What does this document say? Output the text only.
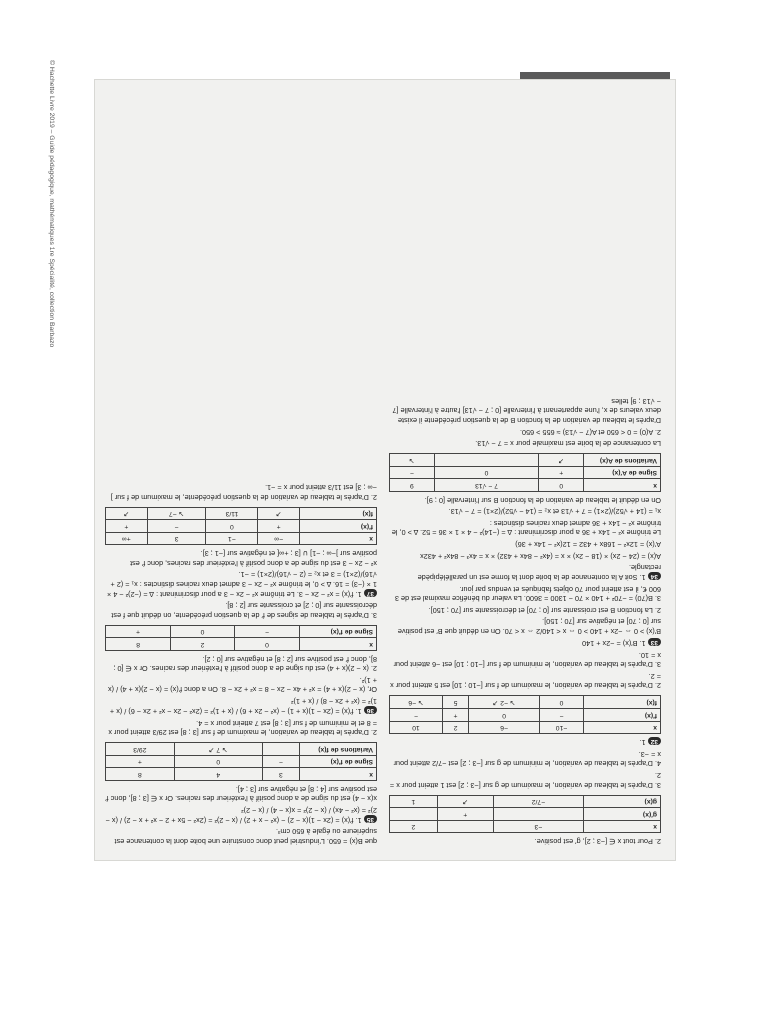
2. Pour tout x ∈ [−3 ; 2], g′ est positive.

x	−3		2
g′(x)		+	
g(x)	−7/2	↗	1

3. D'après le tableau de variation, le maximum de g sur [−3 ; 2] est 1 atteint pour x = 2.

4. D'après le tableau de variation, le minimum de g sur [−3 ; 2] est −7/2 atteint pour x = −3.

321.

x	−10	−6	2	10
f′(x)	−	0	+	−
f(x)	0	↘ −2 ↗	5	↘ −6

2. D'après le tableau de variation, le maximum de f sur [−10 ; 10] est 5 atteint pour x = 2.

3. D'après le tableau de variation, le minimum de f sur [−10 ; 10] est −6 atteint pour x = 10.

331. B′(x) = −2x + 140

B′(x) > 0 ⇔ −2x + 140 > 0 ⇔ x < 140/2 ⇔ x < 70. On en déduit que B′ est positive sur [0 ; 70] et négative sur [70 ; 150].

2. La fonction B est croissante sur [0 ; 70] et décroissante sur [70 ; 150].

3. B(70) = −70² + 140 × 70 − 1300 = 3600. La valeur du bénéfice maximal est de 3 600 €, il est atteint pour 70 objets fabriqués et vendus par jour.

341. Soit A la contenance de la boite dont la forme est un parallélépipède rectangle.

A(x) = (24 − 2x) × (18 − 2x) × x = (4x² − 84x + 432) × x = 4x³ − 84x² + 432x

A′(x) = 12x² − 168x + 432 = 12(x² − 14x + 36)

Le trinôme x² − 14x + 36 a pour discriminant : Δ = (−14)² − 4 × 1 × 36 = 52. Δ > 0, le trinôme x² − 14x + 36 admet deux racines distinctes :

x₁ = (14 + √52)/(2×1) = 7 + √13 et x₂ = (14 − √52)/(2×1) = 7 − √13.

On en déduit le tableau de variation de la fonction B sur l'intervalle [0 ; 9].

x	0	7 − √13	9
Signe de A′(x)	+	0	−
Variations de A(x)	↗		↘

La contenance de la boite est maximale pour x = 7 − √13.

2. A(0) = 0 < 650 et A(7 − √13) ≈ 655 > 650.

D'après le tableau de variation de la fonction B de la question précédente il existe deux valeurs de x, l'une appartenant à l'intervalle [0 ; 7 − √13] l'autre à l'intervalle [7 − √13 ; 9] telles

que B(x) = 650. L'industriel peut donc construire une boite dont la contenance est supérieure ou égale à 650 cm³.

351. f′(x) = (2x − 1)(x − 2) − (x² − x + 2) / (x − 2)² = (2x² − 5x + 2 − x² + x − 2) / (x − 2)² = (x² − 4x) / (x − 2)² = x(x − 4) / (x − 2)²

x(x − 4) est du signe de a donc positif à l'extérieur des racines. Or x ∈ [3 ; 8], donc f′ est positive sur [4 ; 8] et négative sur [3 ; 4].

x	3	4	8
Signe de f′(x)	−	0	+
Variations de f(x)		↘ 7 ↗	29/3

2. D'après le tableau de variation, le maximum de f sur [3 ; 8] est 29/3 atteint pour x = 8 et le minimum de f sur [3 ; 8] est 7 atteint pour x = 4.

361. f′(x) = (2x − 1)(x + 1) − (x² − 2x + 6) / (x + 1)² = (2x² − 2x − x² + 2x − 6) / (x + 1)² = (x² + 2x − 8) / (x + 1)²

Or, (x − 2)(x + 4) = x² + 4x − 2x − 8 = x² + 2x − 8. On a donc f′(x) = (x − 2)(x + 4) / (x + 1)².

2. (x − 2)(x + 4) est du signe de a donc positif à l'extérieur des racines. Or x ∈ [0 ; 8], donc f′ est positive sur [2 ; 8] et négative sur [0 ; 2].

x	0	2	8
Signe de f′(x)	−	0	+

3. D'après le tableau de signes de f′ de la question précédente, on déduit que f est décroissante sur [0 ; 2] et croissante sur [2 ; 8].

371. f′(x) = x² − 2x − 3. Le trinôme x² − 2x − 3 a pour discriminant : Δ = (−2)² − 4 × 1 × (−3) = 16. Δ > 0, le trinôme x² − 2x − 3 admet deux racines distinctes : x₁ = (2 + √16)/(2×1) = 3 et x₂ = (2 − √16)/(2×1) = −1.

x² − 2x − 3 est du signe de a donc positif à l'extérieur des racines, donc f′ est positive sur ]−∞ ; −1] ∪ [3 ; +∞[ et négative sur [−1 ; 3].

x	−∞	−1	3	+∞
f′(x)	+	0	−	+
f(x)	↗	11/3	↘ −7	↗

2. D'après le tableau de variation de la question précédente, le maximum de f sur ]−∞ ; 3] est 11/3 atteint pour x = −1.

© Hachette Livre 2019 – Guide pédagogique, mathématiques 1re Spécialité, collection Barbazo
